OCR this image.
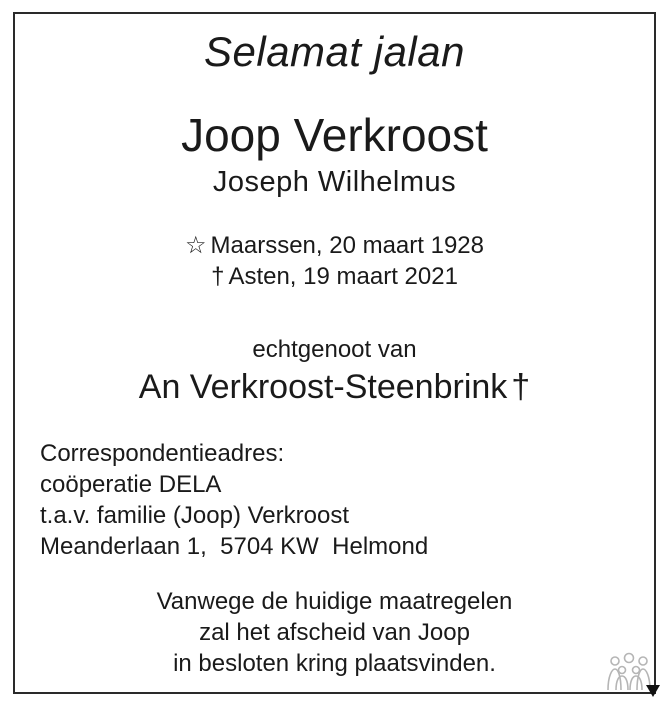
Selamat jalan
Joop Verkroost
Joseph Wilhelmus
☆ Maarssen, 20 maart 1928
† Asten, 19 maart 2021
echtgenoot van
An Verkroost-Steenbrink †
Correspondentieadres:
coöperatie DELA
t.a.v. familie (Joop) Verkroost
Meanderlaan 1,  5704 KW  Helmond
Vanwege de huidige maatregelen
zal het afscheid van Joop
in besloten kring plaatsvinden.
